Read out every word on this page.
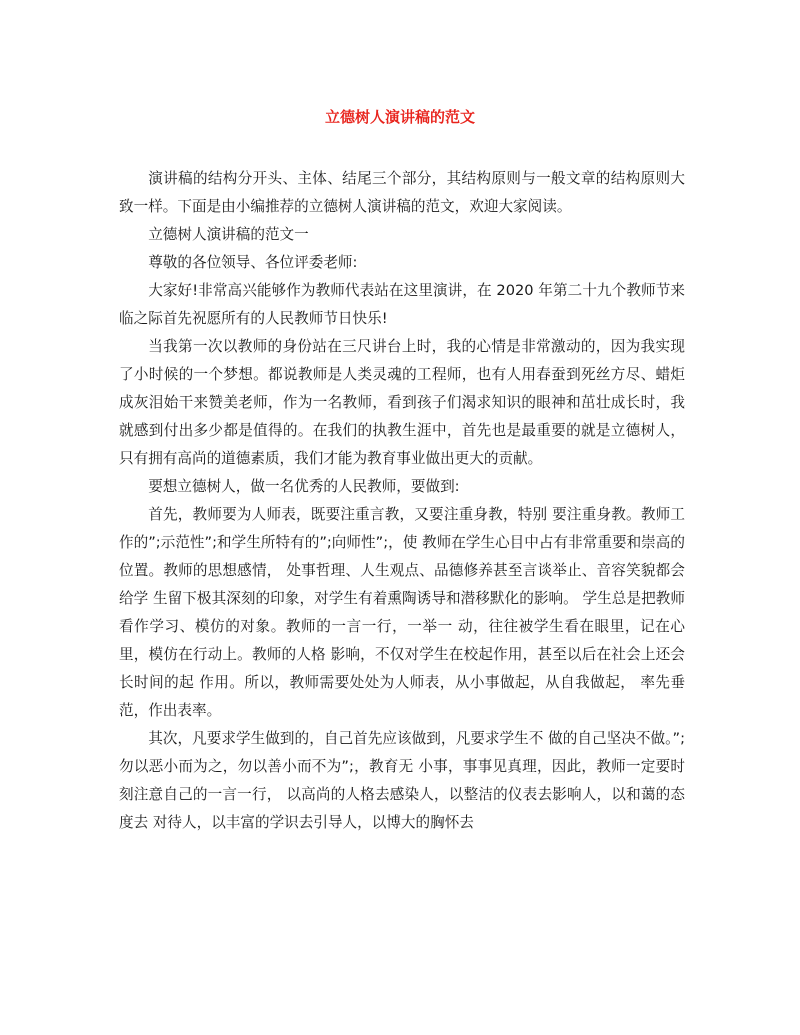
立德树人演讲稿的范文

演讲稿的结构分开头、主体、结尾三个部分，其结构原则与一般文章的结构原则大致一样。下面是由小编推荐的立德树人演讲稿的范文，欢迎大家阅读。

立德树人演讲稿的范文一

尊敬的各位领导、各位评委老师:

大家好!非常高兴能够作为教师代表站在这里演讲，在 2020 年第二十九个教师节来临之际首先祝愿所有的人民教师节日快乐!

当我第一次以教师的身份站在三尺讲台上时，我的心情是非常激动的，因为我实现了小时候的一个梦想。都说教师是人类灵魂的工程师，也有人用春蚕到死丝方尽、蜡炬成灰泪始干来赞美老师，作为一名教师，看到孩子们渴求知识的眼神和茁壮成长时，我就感到付出多少都是值得的。在我们的执教生涯中，首先也是最重要的就是立德树人，只有拥有高尚的道德素质，我们才能为教育事业做出更大的贡献。

要想立德树人，做一名优秀的人民教师，要做到:

首先，教师要为人师表，既要注重言教，又要注重身教，特别 要注重身教。教师工作的”;示范性”;和学生所特有的”;向师性”;，使 教师在学生心目中占有非常重要和崇高的位置。教师的思想感情， 处事哲理、人生观点、品德修养甚至言谈举止、音容笑貌都会给学 生留下极其深刻的印象，对学生有着熏陶诱导和潜移默化的影响。 学生总是把教师看作学习、模仿的对象。教师的一言一行，一举一 动，往往被学生看在眼里，记在心里，模仿在行动上。教师的人格 影响，不仅对学生在校起作用，甚至以后在社会上还会长时间的起 作用。所以，教师需要处处为人师表，从小事做起，从自我做起， 率先垂范，作出表率。

其次，凡要求学生做到的，自己首先应该做到，凡要求学生不 做的自己坚决不做。”;勿以恶小而为之，勿以善小而不为”;，教育无 小事，事事见真理，因此，教师一定要时刻注意自己的一言一行， 以高尚的人格去感染人，以整洁的仪表去影响人，以和蔼的态度去 对待人，以丰富的学识去引导人，以博大的胸怀去
